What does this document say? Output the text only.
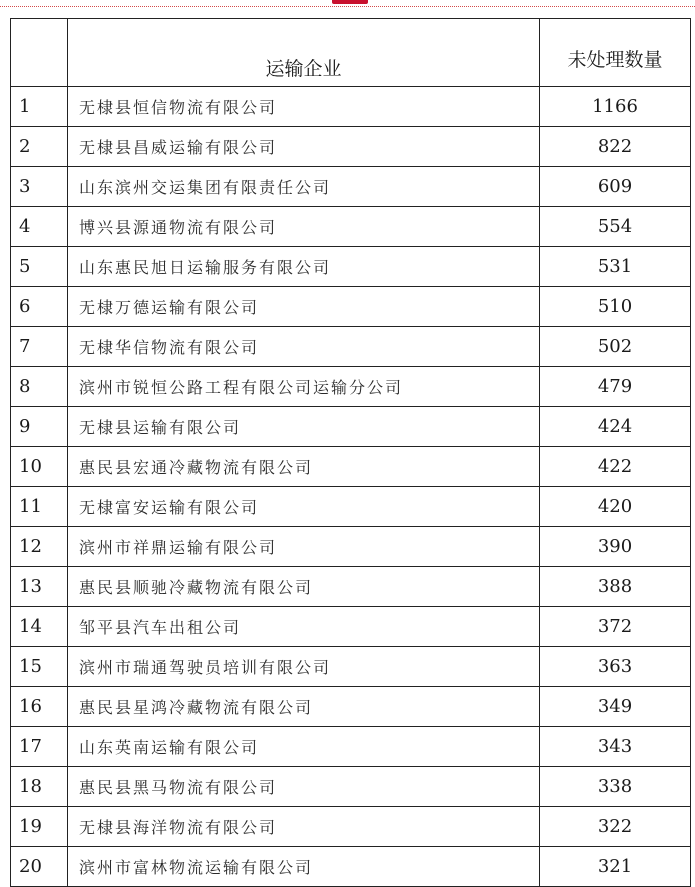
	运输企业	未处理数量
1	无棣县恒信物流有限公司	1166
2	无棣县昌威运输有限公司	822
3	山东滨州交运集团有限责任公司	609
4	博兴县源通物流有限公司	554
5	山东惠民旭日运输服务有限公司	531
6	无棣万德运输有限公司	510
7	无棣华信物流有限公司	502
8	滨州市锐恒公路工程有限公司运输分公司	479
9	无棣县运输有限公司	424
10	惠民县宏通冷藏物流有限公司	422
11	无棣富安运输有限公司	420
12	滨州市祥鼎运输有限公司	390
13	惠民县顺驰冷藏物流有限公司	388
14	邹平县汽车出租公司	372
15	滨州市瑞通驾驶员培训有限公司	363
16	惠民县星鸿冷藏物流有限公司	349
17	山东英南运输有限公司	343
18	惠民县黑马物流有限公司	338
19	无棣县海洋物流有限公司	322
20	滨州市富林物流运输有限公司	321
